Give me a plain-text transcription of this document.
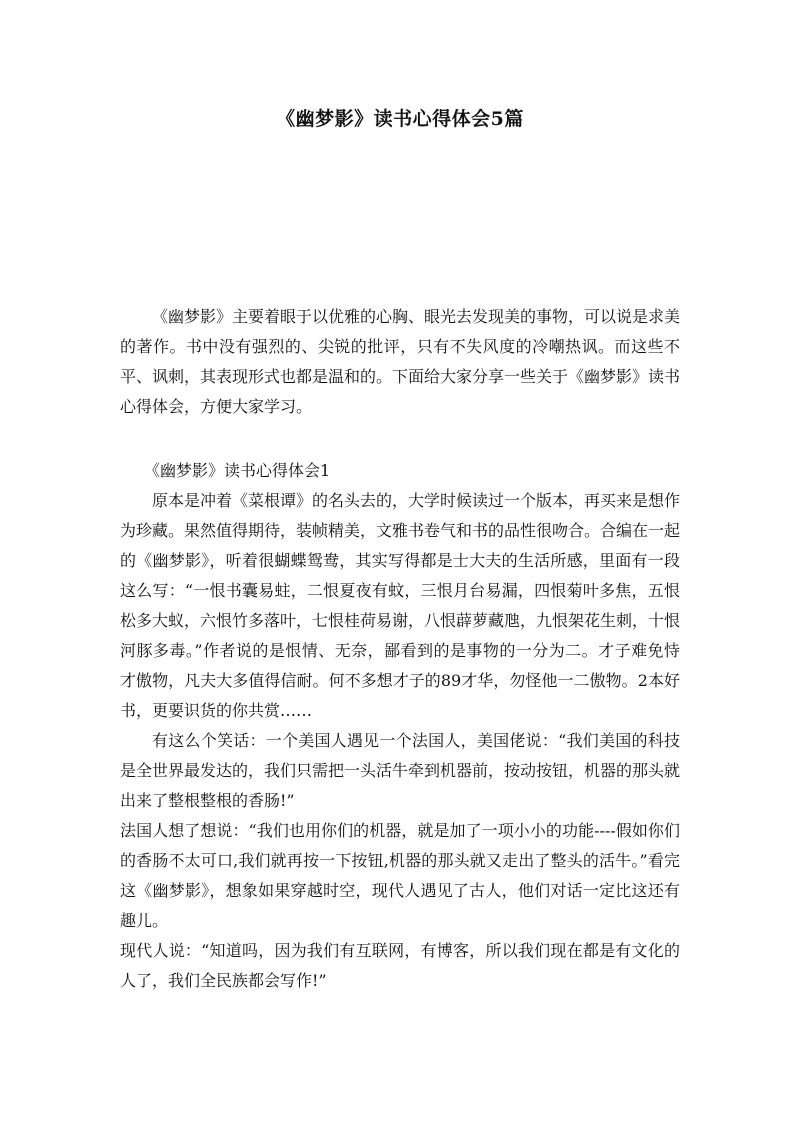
《幽梦影》读书心得体会5篇

《幽梦影》主要着眼于以优雅的心胸、眼光去发现美的事物，可以说是求美的著作。书中没有强烈的、尖锐的批评，只有不失风度的冷嘲热讽。而这些不平、讽刺，其表现形式也都是温和的。下面给大家分享一些关于《幽梦影》读书心得体会，方便大家学习。

《幽梦影》读书心得体会1

原本是冲着《菜根谭》的名头去的，大学时候读过一个版本，再买来是想作为珍藏。果然值得期待，装帧精美，文雅书卷气和书的品性很吻合。合编在一起的《幽梦影》，听着很蝴蝶鸳鸯，其实写得都是士大夫的生活所感，里面有一段这么写：“一恨书囊易蛀，二恨夏夜有蚊，三恨月台易漏，四恨菊叶多焦，五恨松多大蚁，六恨竹多落叶，七恨桂荷易谢，八恨薜萝藏虺，九恨架花生刺，十恨河豚多毒。”作者说的是恨情、无奈，鄙看到的是事物的一分为二。才子难免恃才傲物，凡夫大多值得信耐。何不多想才子的89才华，勿怪他一二傲物。2本好书，更要识货的你共赏……

有这么个笑话：一个美国人遇见一个法国人，美国佬说：“我们美国的科技是全世界最发达的，我们只需把一头活牛牵到机器前，按动按钮，机器的那头就出来了整根整根的香肠!”

法国人想了想说：“我们也用你们的机器，就是加了一项小小的功能----假如你们的香肠不太可口,我们就再按一下按钮,机器的那头就又走出了整头的活牛。”看完这《幽梦影》，想象如果穿越时空，现代人遇见了古人，他们对话一定比这还有趣儿。

现代人说：“知道吗，因为我们有互联网，有博客，所以我们现在都是有文化的人了，我们全民族都会写作!”
